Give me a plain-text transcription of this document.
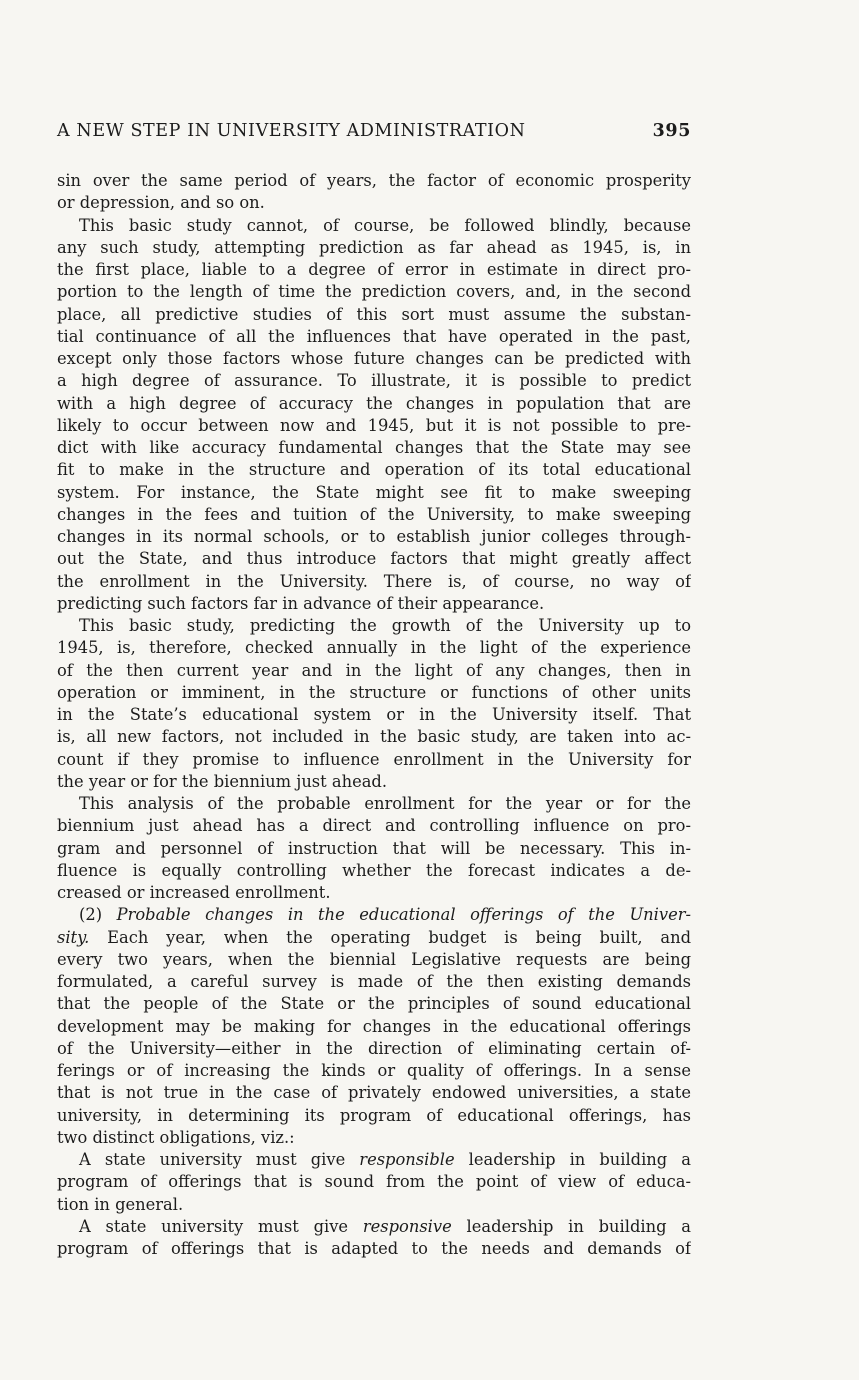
A NEW STEP IN UNIVERSITY ADMINISTRATION	395
sin over the same period of years, the factor of economic prosperity
or depression, and so on.
This basic study cannot, of course, be followed blindly, because
any such study, attempting prediction as far ahead as 1945, is, in
the first place, liable to a degree of error in estimate in direct pro-
portion to the length of time the prediction covers, and, in the second
place, all predictive studies of this sort must assume the substan-
tial continuance of all the influences that have operated in the past,
except only those factors whose future changes can be predicted with
a high degree of assurance. To illustrate, it is possible to predict
with a high degree of accuracy the changes in population that are
likely to occur between now and 1945, but it is not possible to pre-
dict with like accuracy fundamental changes that the State may see
fit to make in the structure and operation of its total educational
system. For instance, the State might see fit to make sweeping
changes in the fees and tuition of the University, to make sweeping
changes in its normal schools, or to establish junior colleges through-
out the State, and thus introduce factors that might greatly affect
the enrollment in the University. There is, of course, no way of
predicting such factors far in advance of their appearance.
This basic study, predicting the growth of the University up to
1945, is, therefore, checked annually in the light of the experience
of the then current year and in the light of any changes, then in
operation or imminent, in the structure or functions of other units
in the State’s educational system or in the University itself. That
is, all new factors, not included in the basic study, are taken into ac-
count if they promise to influence enrollment in the University for
the year or for the biennium just ahead.
This analysis of the probable enrollment for the year or for the
biennium just ahead has a direct and controlling influence on pro-
gram and personnel of instruction that will be necessary. This in-
fluence is equally controlling whether the forecast indicates a de-
creased or increased enrollment.
(2) Probable changes in the educational offerings of the Univer-
sity. Each year, when the operating budget is being built, and
every two years, when the biennial Legislative requests are being
formulated, a careful survey is made of the then existing demands
that the people of the State or the principles of sound educational
development may be making for changes in the educational offerings
of the University—either in the direction of eliminating certain of-
ferings or of increasing the kinds or quality of offerings. In a sense
that is not true in the case of privately endowed universities, a state
university, in determining its program of educational offerings, has
two distinct obligations, viz.:
A state university must give responsible leadership in building a
program of offerings that is sound from the point of view of educa-
tion in general.
A state university must give responsive leadership in building a
program of offerings that is adapted to the needs and demands of
